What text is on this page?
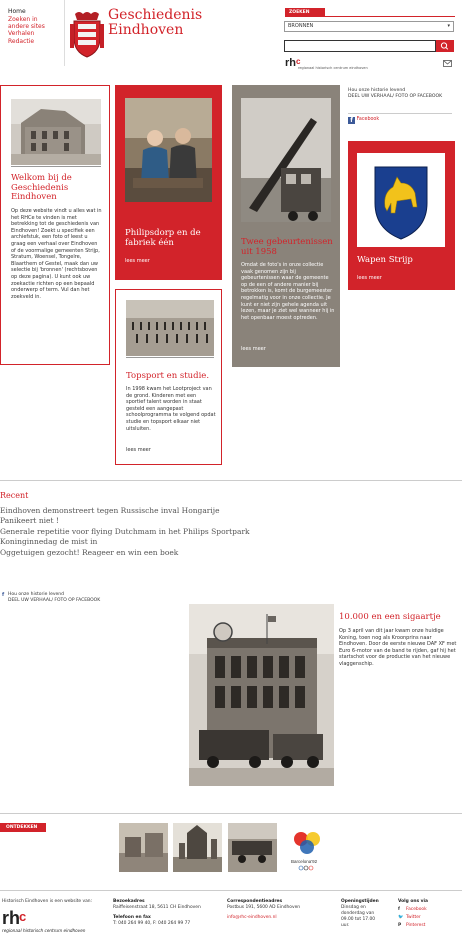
Home
Zoeken in andere sites
Verhalen
Redactie
Geschiedenis
Eindhoven
ZOEKEN
BRONNEN	▾
rh c
regionaal historisch centrum eindhoven
Welkom bij de Geschiedenis Eindhoven
Op deze website vindt u alles wat in het RHCe te vinden is met betrekking tot de geschiedenis van Eindhoven! Zoekt u specifiek een archiefstuk, een foto of leest u graag een verhaal over Eindhoven of de voormalige gemeenten Strijp, Stratum, Woensel, Tongelre, Blaarthem of Gestel, maak dan uw selectie bij 'bronnen' (rechtsboven op deze pagina). U kunt ook uw zoekactie richten op een bepaald onderwerp of term. Vul dan het zoekveld in.
Philipsdorp en de fabriek één
lees meer
Topsport en studie.
In 1998 kwam het Lootproject van de grond. Kinderen met een sportief talent worden in staat gesteld een aangepast schoolprogramma te volgend opdat studie en topsport elkaar niet uitsluiten.
lees meer
Twee gebeurtenissen uit 1958
Omdat de foto's in onze collectie vaak genomen zijn bij gebeurtenissen waar de gemeente op de een of andere manier bij betrokken is, komt de burgemeester regelmatig voor in onze collectie. Je kunt er niet zijn gehele agenda uit lezen, maar je ziet wel wanneer hij in het openbaar moest optreden.
lees meer
Hou onze historie levend
DEEL UW VERHAAL/ FOTO OP FACEBOOK
f Facebook
Wapen Strijp
lees meer
Recent
Eindhoven demonstreert tegen Russische inval Hongarije
Panikeert niet !
Generale repetitie voor flying Dutchmam in het Philips Sportpark
Koninginnedag de mist in
Oggetuigen gezocht! Reageer en win een boek
f Hou onze historie levend
DEEL UW VERHAAL/ FOTO OP FACEBOOK
10.000 en een sigaartje
Op 3 april van dit jaar kwam onze huidige Koning, toen nog als Kroonprins naar Eindhoven. Door de eerste nieuwe DAF XF met Euro 6-motor van de band te rijden, gaf hij het startschot voor de productie van het nieuwe vlaggenschip.
ONTDEKKEN
Barcelona'92
Historisch Eindhoven is een website van:
rh c
regionaal historisch centrum eindhoven
Bezoekadres
Raiffeisenstraat 18, 5611 CH Eindhoven
Telefoon en fax
T: 040 264 99 40, F: 040 264 99 77
Correspondentieadres
Postbus 191, 5600 AD Eindhoven
info@rhc-eindhoven.nl
Openingstijden
Dinsdag en donderdag van 09.00 tot 17.00 uur.
Volg ons via
f Facebook
🐦 Twitter
P Pinterest
